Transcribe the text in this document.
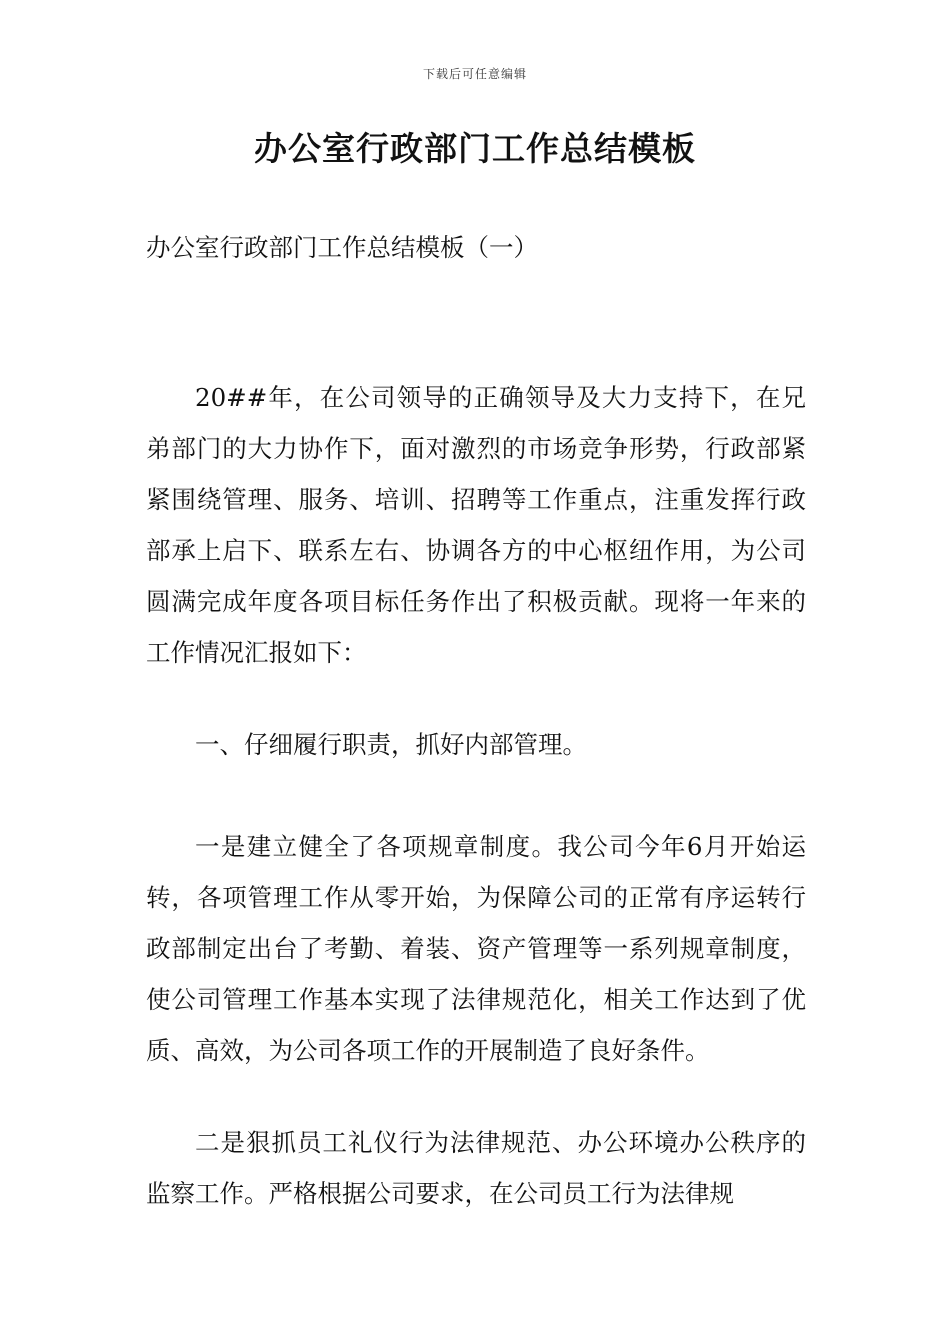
下载后可任意编辑
办公室行政部门工作总结模板
办公室行政部门工作总结模板（一）

20##年，在公司领导的正确领导及大力支持下，在兄弟部门的大力协作下，面对激烈的市场竞争形势，行政部紧紧围绕管理、服务、培训、招聘等工作重点，注重发挥行政部承上启下、联系左右、协调各方的中心枢纽作用，为公司圆满完成年度各项目标任务作出了积极贡献。现将一年来的工作情况汇报如下：

一、仔细履行职责，抓好内部管理。

一是建立健全了各项规章制度。我公司今年6月开始运转，各项管理工作从零开始，为保障公司的正常有序运转行政部制定出台了考勤、着装、资产管理等一系列规章制度，使公司管理工作基本实现了法律规范化，相关工作达到了优质、高效，为公司各项工作的开展制造了良好条件。

二是狠抓员工礼仪行为法律规范、办公环境办公秩序的监察工作。严格根据公司要求，在公司员工行为法律规
